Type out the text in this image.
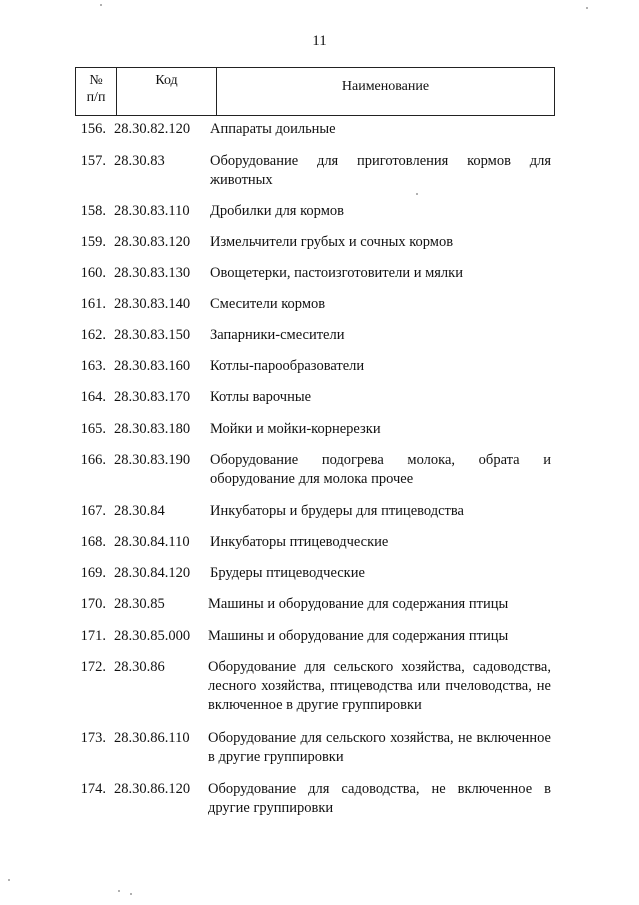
11
№
п/п
	Код	Наименование
156. 28.30.82.120 Аппараты доильные
157. 28.30.83	Оборудование для приготовления кормов для животных
158. 28.30.83.110 Дробилки для кормов
159. 28.30.83.120 Измельчители грубых и сочных кормов
160. 28.30.83.130 Овощетерки, пастоизготовители и мялки
161. 28.30.83.140 Смесители кормов
162. 28.30.83.150 Запарники-смесители
163. 28.30.83.160 Котлы-парообразователи
164. 28.30.83.170 Котлы варочные
165. 28.30.83.180 Мойки и мойки-корнерезки
166. 28.30.83.190 Оборудование подогрева молока, обрата и оборудование для молока прочее
167. 28.30.84	Инкубаторы и брудеры для птицеводства
168. 28.30.84.110 Инкубаторы птицеводческие
169. 28.30.84.120 Брудеры птицеводческие
170. 28.30.85	Машины и оборудование для содержания птицы
171. 28.30.85.000 Машины и оборудование для содержания птицы
172. 28.30.86	Оборудование для сельского хозяйства, садоводства, лесного хозяйства, птицеводства или пчеловодства, не включенное в другие группировки
173. 28.30.86.110 Оборудование для сельского хозяйства, не включенное в другие группировки
174. 28.30.86.120 Оборудование для садоводства, не включенное в другие группировки
